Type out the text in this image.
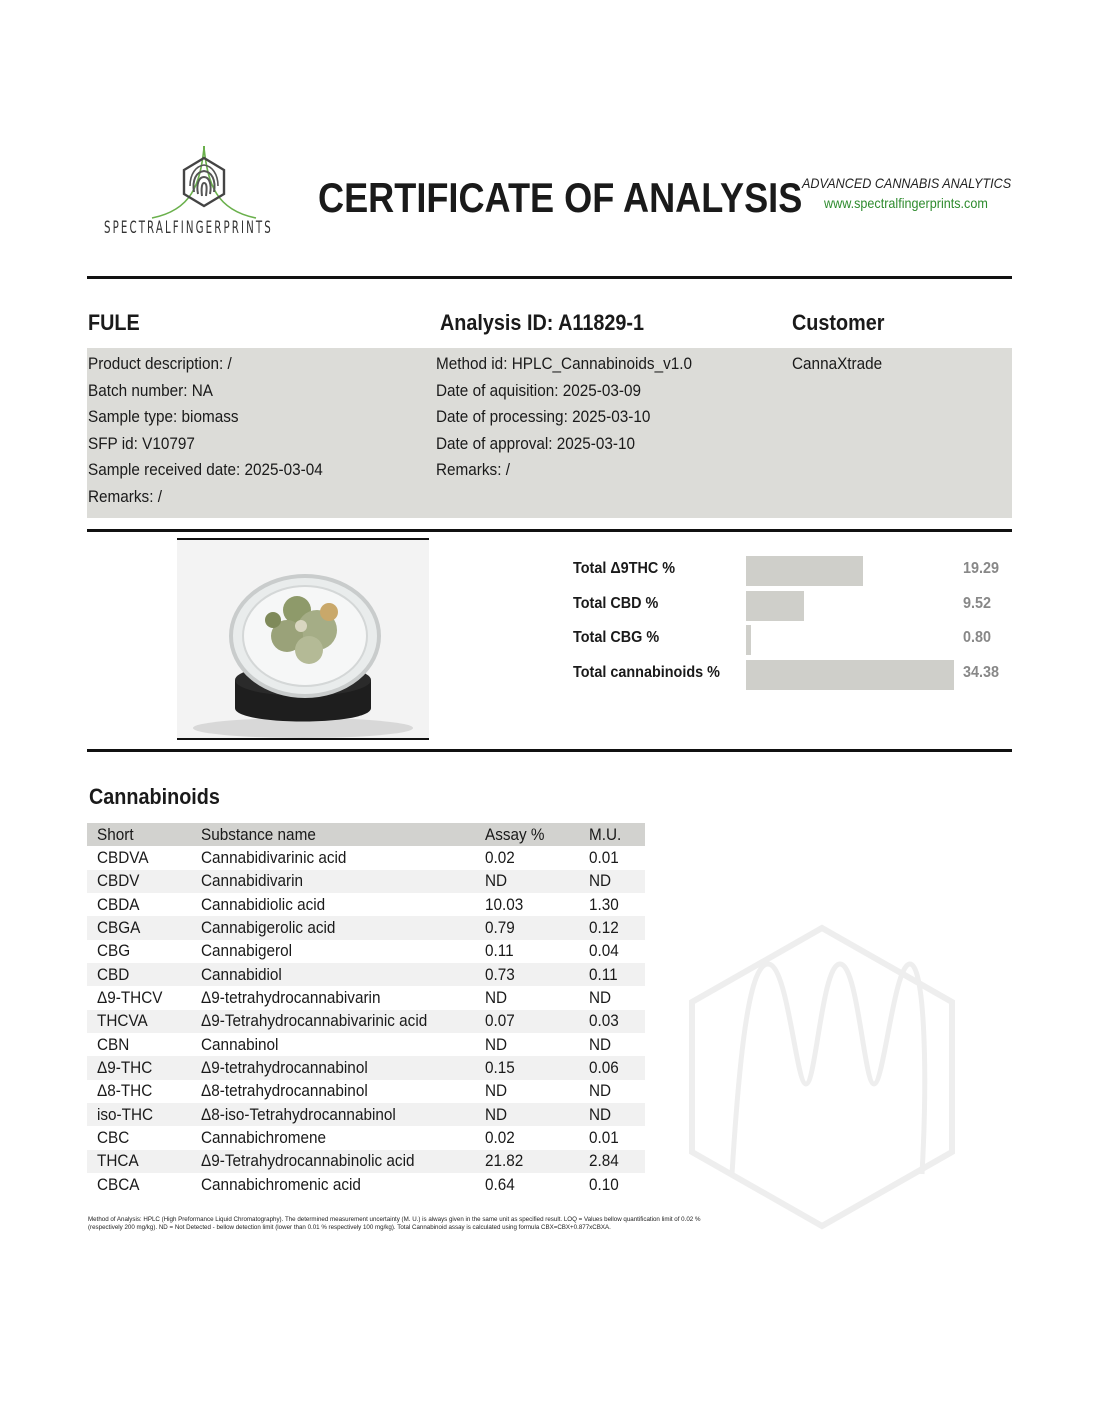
SPECTRALFINGERPRINTS
CERTIFICATE OF ANALYSIS ADVANCED CANNABIS ANALYTICS
www.spectralfingerprints.com
FULE	Analysis ID: A11829-1	Customer
Product description: /
Batch number: NA
Sample type: biomass
SFP id: V10797
Sample received date: 2025-03-04
Remarks: /
Method id: HPLC_Cannabinoids_v1.0
Date of aquisition: 2025-03-09
Date of processing: 2025-03-10
Date of approval: 2025-03-10
Remarks: /
CannaXtrade
Total Δ9THC %	19.29
Total CBD %	9.52
Total CBG %	0.80
Total cannabinoids %	34.38
Cannabinoids
Short	Substance name	Assay %	M.U.
CBDVA	Cannabidivarinic acid	0.02	0.01
CBDV	Cannabidivarin	ND	ND
CBDA	Cannabidiolic acid	10.03	1.30
CBGA	Cannabigerolic acid	0.79	0.12
CBG	Cannabigerol	0.11	0.04
CBD	Cannabidiol	0.73	0.11
Δ9-THCV	Δ9-tetrahydrocannabivarin	ND	ND
THCVA	Δ9-Tetrahydrocannabivarinic acid	0.07	0.03
CBN	Cannabinol	ND	ND
Δ9-THC	Δ9-tetrahydrocannabinol	0.15	0.06
Δ8-THC	Δ8-tetrahydrocannabinol	ND	ND
iso-THC	Δ8-iso-Tetrahydrocannabinol	ND	ND
CBC	Cannabichromene	0.02	0.01
THCA	Δ9-Tetrahydrocannabinolic acid	21.82	2.84
CBCA	Cannabichromenic acid	0.64	0.10
Method of Analysis: HPLC (High Preformance Liquid Chromatography). The determined measurement uncertainty (M. U.) is always given in the same unit as specified result. LOQ = Values bellow quantification limit of 0.02 % (respectively 200 mg/kg). ND = Not Detected - bellow detection limit (lower than 0.01 % respectively 100 mg/kg). Total Cannabinoid assay is calculated using formula CBX=CBX+0.877xCBXA.
